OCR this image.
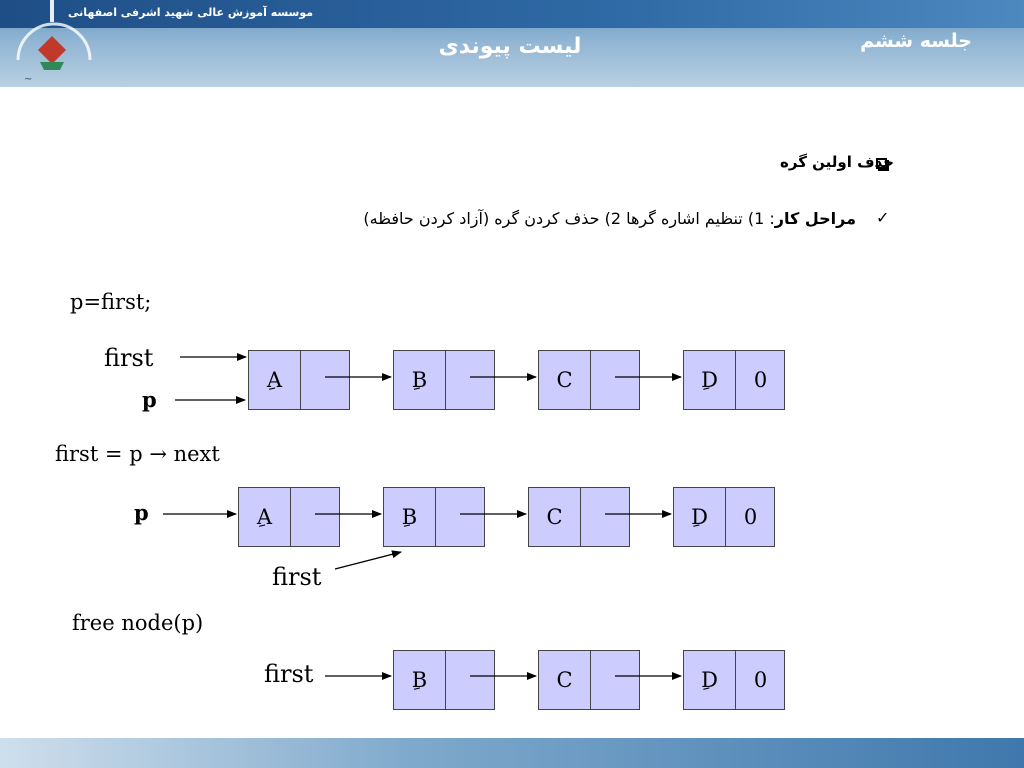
~
موسسه آموزش عالی شهید اشرفی اصفهانی
لیست پیوندی	جلسه ششم
حذف اولین گره
✓
مراحل کار: 1) تنظیم اشاره گرها 2) حذف کردن گره (آزاد کردن حافظه)
p=first;
first = p → next
free node(p)
first
p
p
first
first
ِA	ِB	C	ِD	0
ِA	ِB	C	ِD	0
ِB	C	ِD	0
